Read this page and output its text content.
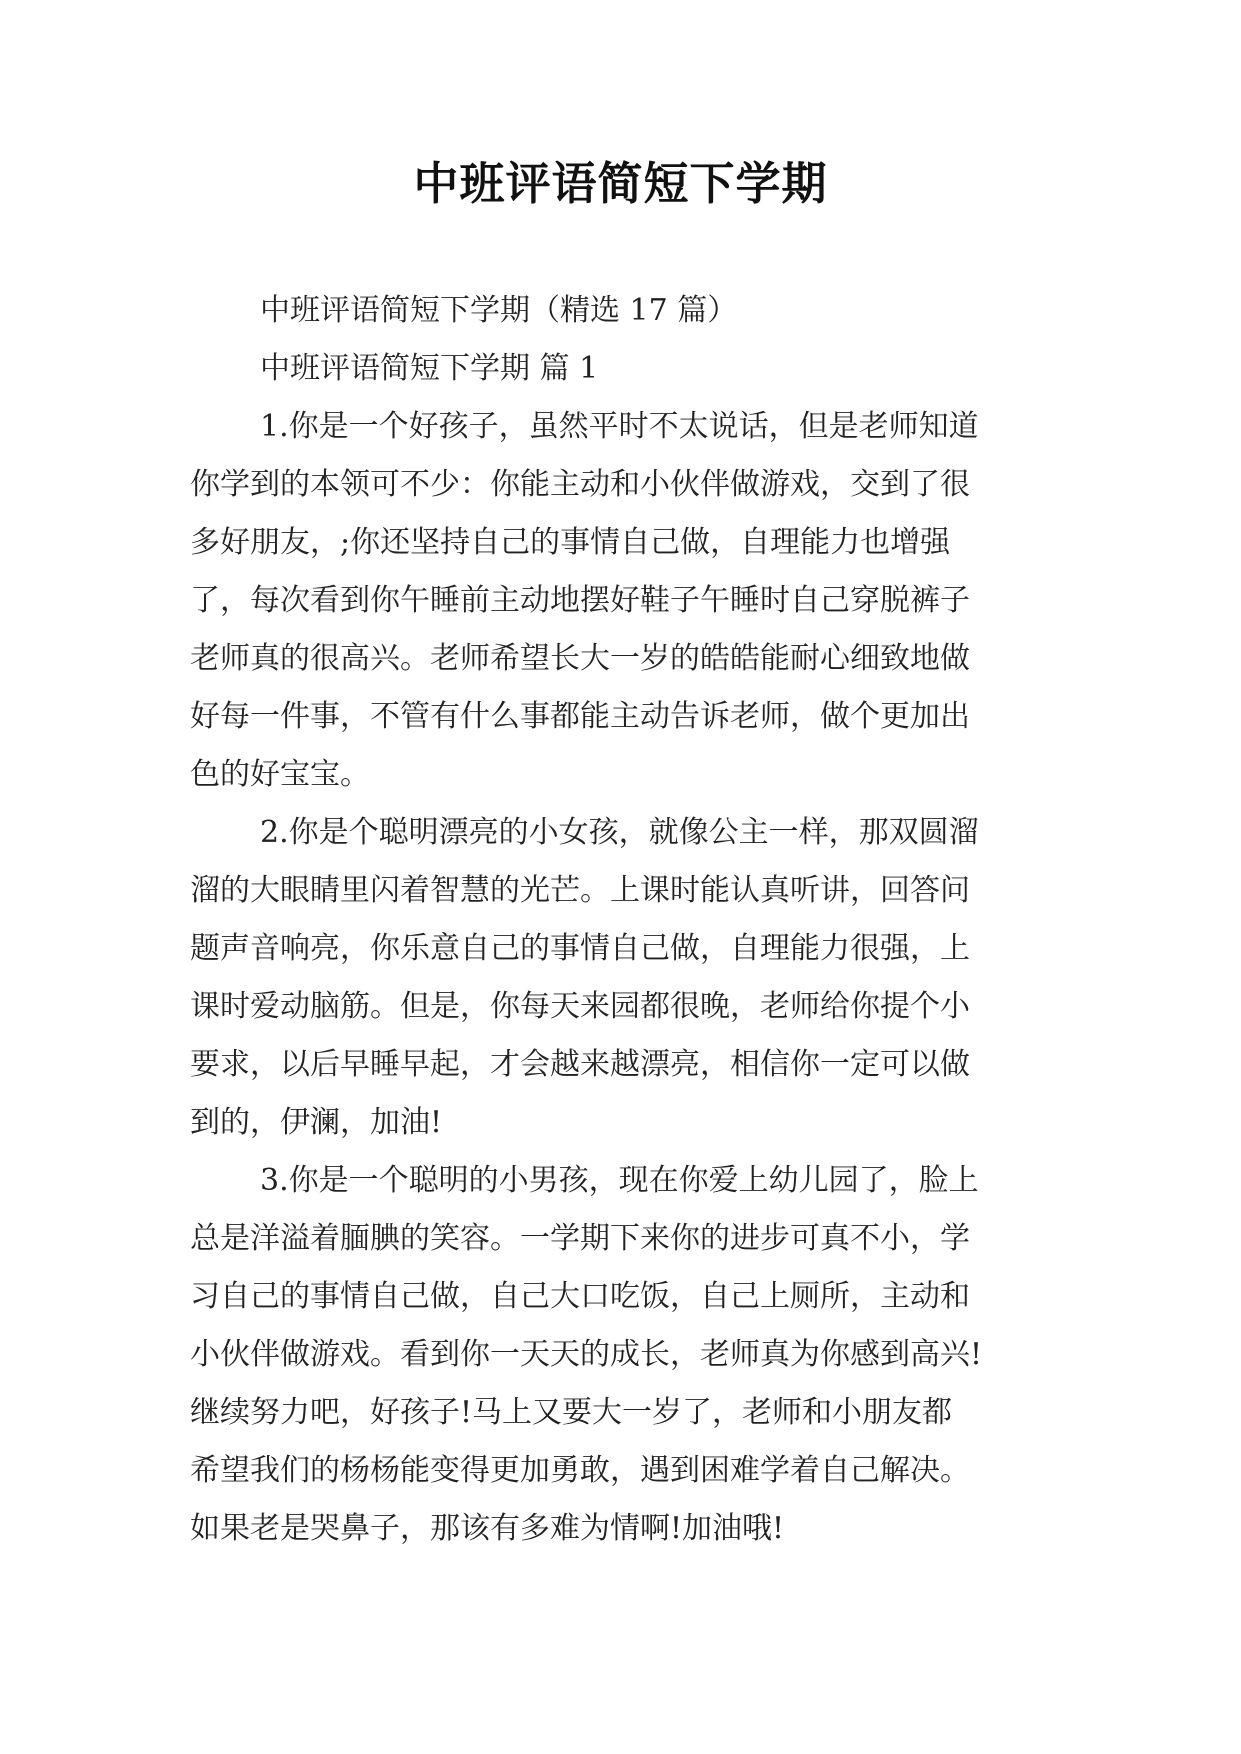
中班评语简短下学期
中班评语简短下学期（精选 17 篇）
中班评语简短下学期 篇 1
1.你是一个好孩子，虽然平时不太说话，但是老师知道
你学到的本领可不少：你能主动和小伙伴做游戏，交到了很
多好朋友，;你还坚持自己的事情自己做，自理能力也增强
了，每次看到你午睡前主动地摆好鞋子午睡时自己穿脱裤子
老师真的很高兴。老师希望长大一岁的皓皓能耐心细致地做
好每一件事，不管有什么事都能主动告诉老师，做个更加出
色的好宝宝。
2.你是个聪明漂亮的小女孩，就像公主一样，那双圆溜
溜的大眼睛里闪着智慧的光芒。上课时能认真听讲，回答问
题声音响亮，你乐意自己的事情自己做，自理能力很强，上
课时爱动脑筋。但是，你每天来园都很晚，老师给你提个小
要求，以后早睡早起，才会越来越漂亮，相信你一定可以做
到的，伊澜，加油!
3.你是一个聪明的小男孩，现在你爱上幼儿园了，脸上
总是洋溢着腼腆的笑容。一学期下来你的进步可真不小，学
习自己的事情自己做，自己大口吃饭，自己上厕所，主动和
小伙伴做游戏。看到你一天天的成长，老师真为你感到高兴!
继续努力吧，好孩子!马上又要大一岁了，老师和小朋友都
希望我们的杨杨能变得更加勇敢，遇到困难学着自己解决。
如果老是哭鼻子，那该有多难为情啊!加油哦!
